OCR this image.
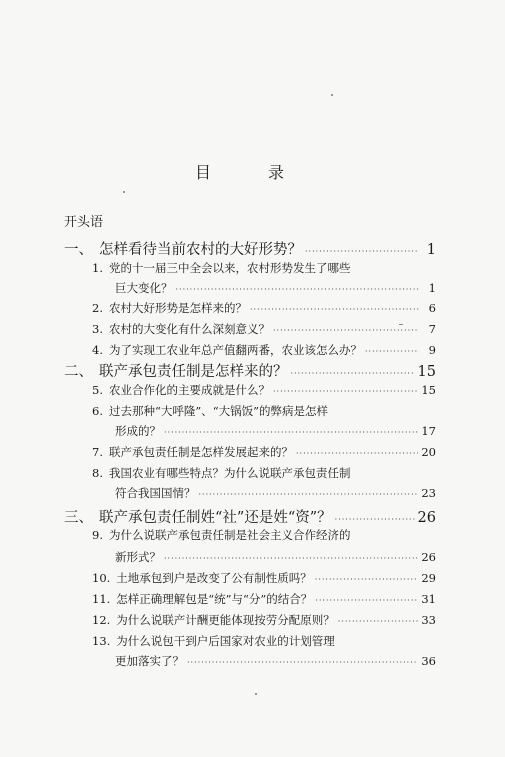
目 录
开头语
一、 怎样看待当前农村的大好形势？ ·····	1
1. 党的十一届三中全会以来，农村形势发生了哪些
巨大变化？ ·····	1
2. 农村大好形势是怎样来的？ ·····	6
3. 农村的大变化有什么深刻意义？ ·····	7
4. 为了实现工农业年总产值翻两番，农业该怎么办？ ·····	9
二、 联产承包责任制是怎样来的？ ·····	15
5. 农业合作化的主要成就是什么？ ·····	15
6. 过去那种“大呼隆”、“大锅饭”的弊病是怎样
形成的？ ·····	17
7. 联产承包责任制是怎样发展起来的？ ·····	20
8. 我国农业有哪些特点？为什么说联产承包责任制
符合我国国情？ ·····	23
三、 联产承包责任制姓“社”还是姓“资”？ ·····	26
9. 为什么说联产承包责任制是社会主义合作经济的
新形式？ ·····	26
10. 土地承包到户是改变了公有制性质吗？ ·····	29
11. 怎样正确理解包是“统”与“分”的结合？ ·····	31
12. 为什么说联产计酬更能体现按劳分配原则？ ·····	33
13. 为什么说包干到户后国家对农业的计划管理
更加落实了？ ·····	36
